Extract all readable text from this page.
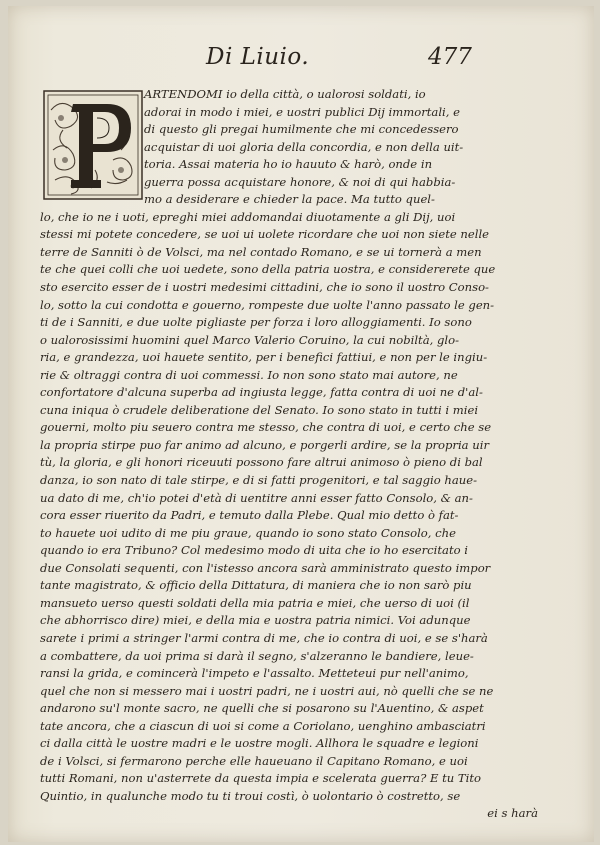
Di Liuio.	477
ARTENDOMI io della città, o ualorosi soldati, io
adorai in modo i miei, e uostri publici Dij immortali, e
di questo gli pregai humilmente che mi concedessero
acquistar di uoi gloria della concordia, e non della uit-
toria. Assai materia ho io hauuto & harò, onde in
guerra possa acquistare honore, & noi di qui habbia-
mo a desiderare e chieder la pace. Ma tutto quel-
lo, che io ne i uoti, epreghi miei addomandai diuotamente a gli Dij, uoi
stessi mi potete concedere, se uoi ui uolete ricordare che uoi non siete nelle
terre de Sanniti ò de Volsci, ma nel contado Romano, e se ui tornerà a men
te che quei colli che uoi uedete, sono della patria uostra, e considererete que
sto esercito esser de i uostri medesimi cittadini, che io sono il uostro Conso-
lo, sotto la cui condotta e gouerno, rompeste due uolte l'anno passato le gen-
ti de i Sanniti, e due uolte pigliaste per forza i loro alloggiamenti. Io sono
o ualorosissimi huomini quel Marco Valerio Coruino, la cui nobiltà, glo-
ria, e grandezza, uoi hauete sentito, per i benefici fattiui, e non per le ingiu-
rie & oltraggi contra di uoi commessi. Io non sono stato mai autore, ne
confortatore d'alcuna superba ad ingiusta legge, fatta contra di uoi ne d'al-
cuna iniqua ò crudele deliberatione del Senato. Io sono stato in tutti i miei
gouerni, molto piu seuero contra me stesso, che contra di uoi, e certo che se
la propria stirpe puo far animo ad alcuno, e porgerli ardire, se la propria uir
tù, la gloria, e gli honori riceuuti possono fare altrui animoso ò pieno di bal
danza, io son nato di tale stirpe, e di si fatti progenitori, e tal saggio haue-
ua dato di me, ch'io potei d'età di uentitre anni esser fatto Consolo, & an-
cora esser riuerito da Padri, e temuto dalla Plebe. Qual mio detto ò fat-
to hauete uoi udito di me piu graue, quando io sono stato Consolo, che
quando io era Tribuno? Col medesimo modo di uita che io ho esercitato i
due Consolati sequenti, con l'istesso ancora sarà amministrato questo impor
tante magistrato, & officio della Dittatura, di maniera che io non sarò piu
mansueto uerso questi soldati della mia patria e miei, che uerso di uoi (il
che abhorrisco dire) miei, e della mia e uostra patria nimici. Voi adunque
sarete i primi a stringer l'armi contra di me, che io contra di uoi, e se s'harà
a combattere, da uoi prima si darà il segno, s'alzeranno le bandiere, leue-
ransi la grida, e comincerà l'impeto e l'assalto. Metteteui pur nell'animo,
quel che non si messero mai i uostri padri, ne i uostri aui, nò quelli che se ne
andarono su'l monte sacro, ne quelli che si posarono su l'Auentino, & aspet
tate ancora, che a ciascun di uoi si come a Coriolano, uenghino ambasciatri
ci dalla città le uostre madri e le uostre mogli. Allhora le squadre e legioni
de i Volsci, si fermarono perche elle haueuano il Capitano Romano, e uoi
tutti Romani, non u'asterrete da questa impia e scelerata guerra? E tu Tito
Quintio, in qualunche modo tu ti troui costì, ò uolontario ò costretto, se
ei s harà
